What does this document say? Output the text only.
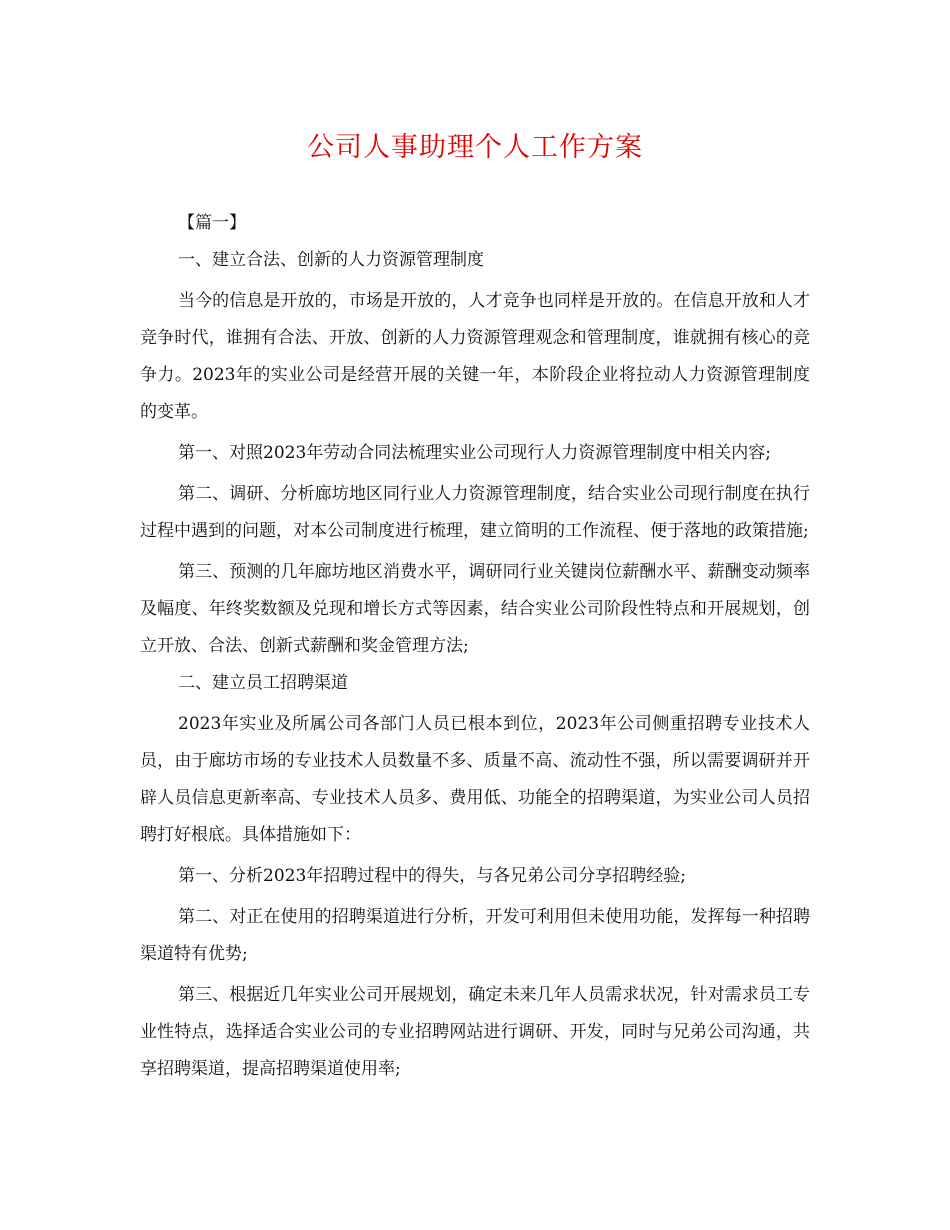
公司人事助理个人工作方案

【篇一】

一、建立合法、创新的人力资源管理制度

当今的信息是开放的，市场是开放的，人才竞争也同样是开放的。在信息开放和人才竞争时代，谁拥有合法、开放、创新的人力资源管理观念和管理制度，谁就拥有核心的竞争力。2023年的实业公司是经营开展的关键一年，本阶段企业将拉动人力资源管理制度的变革。

第一、对照2023年劳动合同法梳理实业公司现行人力资源管理制度中相关内容;

第二、调研、分析廊坊地区同行业人力资源管理制度，结合实业公司现行制度在执行过程中遇到的问题，对本公司制度进行梳理，建立简明的工作流程、便于落地的政策措施;

第三、预测的几年廊坊地区消费水平，调研同行业关键岗位薪酬水平、薪酬变动频率及幅度、年终奖数额及兑现和增长方式等因素，结合实业公司阶段性特点和开展规划，创立开放、合法、创新式薪酬和奖金管理方法;

二、建立员工招聘渠道

2023年实业及所属公司各部门人员已根本到位，2023年公司侧重招聘专业技术人员，由于廊坊市场的专业技术人员数量不多、质量不高、流动性不强，所以需要调研并开辟人员信息更新率高、专业技术人员多、费用低、功能全的招聘渠道，为实业公司人员招聘打好根底。具体措施如下：

第一、分析2023年招聘过程中的得失，与各兄弟公司分享招聘经验;

第二、对正在使用的招聘渠道进行分析，开发可利用但未使用功能，发挥每一种招聘渠道特有优势;

第三、根据近几年实业公司开展规划，确定未来几年人员需求状况，针对需求员工专业性特点，选择适合实业公司的专业招聘网站进行调研、开发，同时与兄弟公司沟通，共享招聘渠道，提高招聘渠道使用率;
